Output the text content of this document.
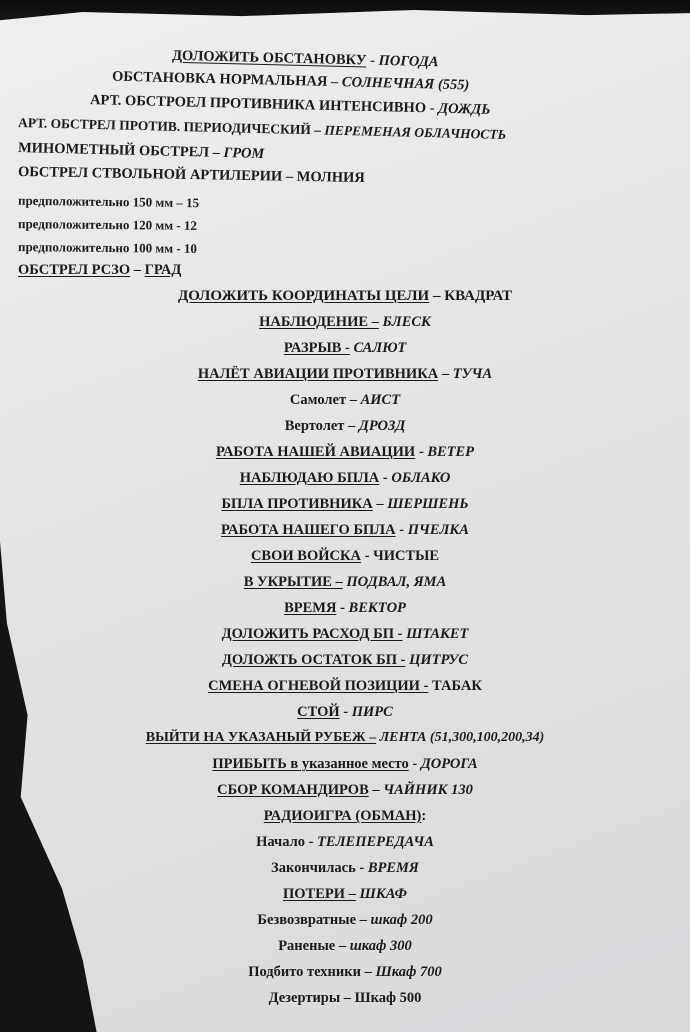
ДОЛОЖИТЬ ОБСТАНОВКУ - ПОГОДА
ОБСТАНОВКА НОРМАЛЬНАЯ – СОЛНЕЧНАЯ (555)
АРТ. ОБСТРОЕЛ ПРОТИВНИКА ИНТЕНСИВНО - ДОЖДЬ
АРТ. ОБСТРЕЛ ПРОТИВ. ПЕРИОДИЧЕСКИЙ – ПЕРЕМЕНАЯ ОБЛАЧНОСТЬ
МИНОМЕТНЫЙ ОБСТРЕЛ – ГРОМ
ОБСТРЕЛ СТВОЛЬНОЙ АРТИЛЕРИИ – МОЛНИЯ
предположительно 150 мм – 15
предположительно 120 мм - 12
предположительно 100 мм - 10
ОБСТРЕЛ РСЗО – ГРАД
ДОЛОЖИТЬ КООРДИНАТЫ ЦЕЛИ – КВАДРАТ
НАБЛЮДЕНИЕ – БЛЕСК
РАЗРЫВ - САЛЮТ
НАЛЁТ АВИАЦИИ ПРОТИВНИКА – ТУЧА
Самолет – АИСТ
Вертолет – ДРОЗД
РАБОТА НАШЕЙ АВИАЦИИ - ВЕТЕР
НАБЛЮДАЮ БПЛА - ОБЛАКО
БПЛА ПРОТИВНИКА – ШЕРШЕНЬ
РАБОТА НАШЕГО БПЛА - ПЧЕЛКА
СВОИ ВОЙСКА - ЧИСТЫЕ
В УКРЫТИЕ – ПОДВАЛ, ЯМА
ВРЕМЯ - ВЕКТОР
ДОЛОЖИТЬ РАСХОД БП - ШТАКЕТ
ДОЛОЖТЬ ОСТАТОК БП - ЦИТРУС
СМЕНА ОГНЕВОЙ ПОЗИЦИИ - ТАБАК
СТОЙ - ПИРС
ВЫЙТИ НА УКАЗАНЫЙ РУБЕЖ – ЛЕНТА (51,300,100,200,34)
ПРИБЫТЬ в указанное место - ДОРОГА
СБОР КОМАНДИРОВ – ЧАЙНИК 130
РАДИОИГРА (ОБМАН):
Начало - ТЕЛЕПЕРЕДАЧА
Закончилась - ВРЕМЯ
ПОТЕРИ – ШКАФ
Безвозвратные – шкаф 200
Раненые – шкаф 300
Подбито техники – Шкаф 700
Дезертиры – Шкаф 500
